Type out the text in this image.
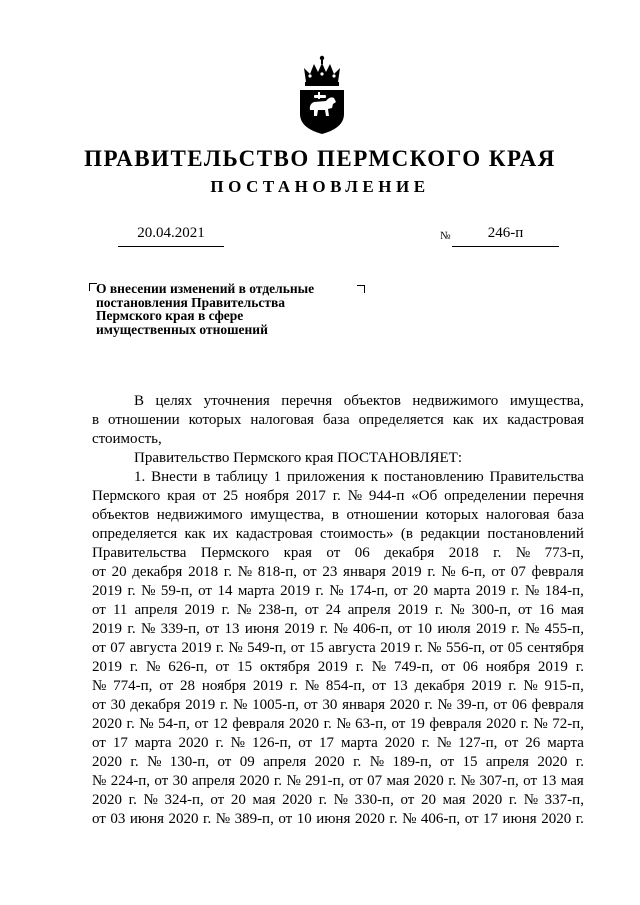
ПРАВИТЕЛЬСТВО ПЕРМСКОГО КРАЯ
ПОСТАНОВЛЕНИЕ
20.04.2021	№	246-п
О внесении изменений в отдельные
постановления Правительства
Пермского края в сфере
имущественных отношений
В целях уточнения перечня объектов недвижимого имущества,
в отношении которых налоговая база определяется как их кадастровая
стоимость,
Правительство Пермского края ПОСТАНОВЛЯЕТ:
1. Внести в таблицу 1 приложения к постановлению Правительства
Пермского края от 25 ноября 2017 г. № 944-п «Об определении перечня
объектов недвижимого имущества, в отношении которых налоговая база
определяется как их кадастровая стоимость» (в редакции постановлений
Правительства Пермского края от 06 декабря 2018 г. № 773-п,
от 20 декабря 2018 г. № 818-п, от 23 января 2019 г. № 6-п, от 07 февраля
2019 г. № 59-п, от 14 марта 2019 г. № 174-п, от 20 марта 2019 г. № 184-п,
от 11 апреля 2019 г. № 238-п, от 24 апреля 2019 г. № 300-п, от 16 мая
2019 г. № 339-п, от 13 июня 2019 г. № 406-п, от 10 июля 2019 г. № 455-п,
от 07 августа 2019 г. № 549-п, от 15 августа 2019 г. № 556-п, от 05 сентября
2019 г. № 626-п, от 15 октября 2019 г. № 749-п, от 06 ноября 2019 г.
№ 774-п, от 28 ноября 2019 г. № 854-п, от 13 декабря 2019 г. № 915-п,
от 30 декабря 2019 г. № 1005-п, от 30 января 2020 г. № 39-п, от 06 февраля
2020 г. № 54-п, от 12 февраля 2020 г. № 63-п, от 19 февраля 2020 г. № 72-п,
от 17 марта 2020 г. № 126-п, от 17 марта 2020 г. № 127-п, от 26 марта
2020 г. № 130-п, от 09 апреля 2020 г. № 189-п, от 15 апреля 2020 г.
№ 224-п, от 30 апреля 2020 г. № 291-п, от 07 мая 2020 г. № 307-п, от 13 мая
2020 г. № 324-п, от 20 мая 2020 г. № 330-п, от 20 мая 2020 г. № 337-п,
от 03 июня 2020 г. № 389-п, от 10 июня 2020 г. № 406-п, от 17 июня 2020 г.
